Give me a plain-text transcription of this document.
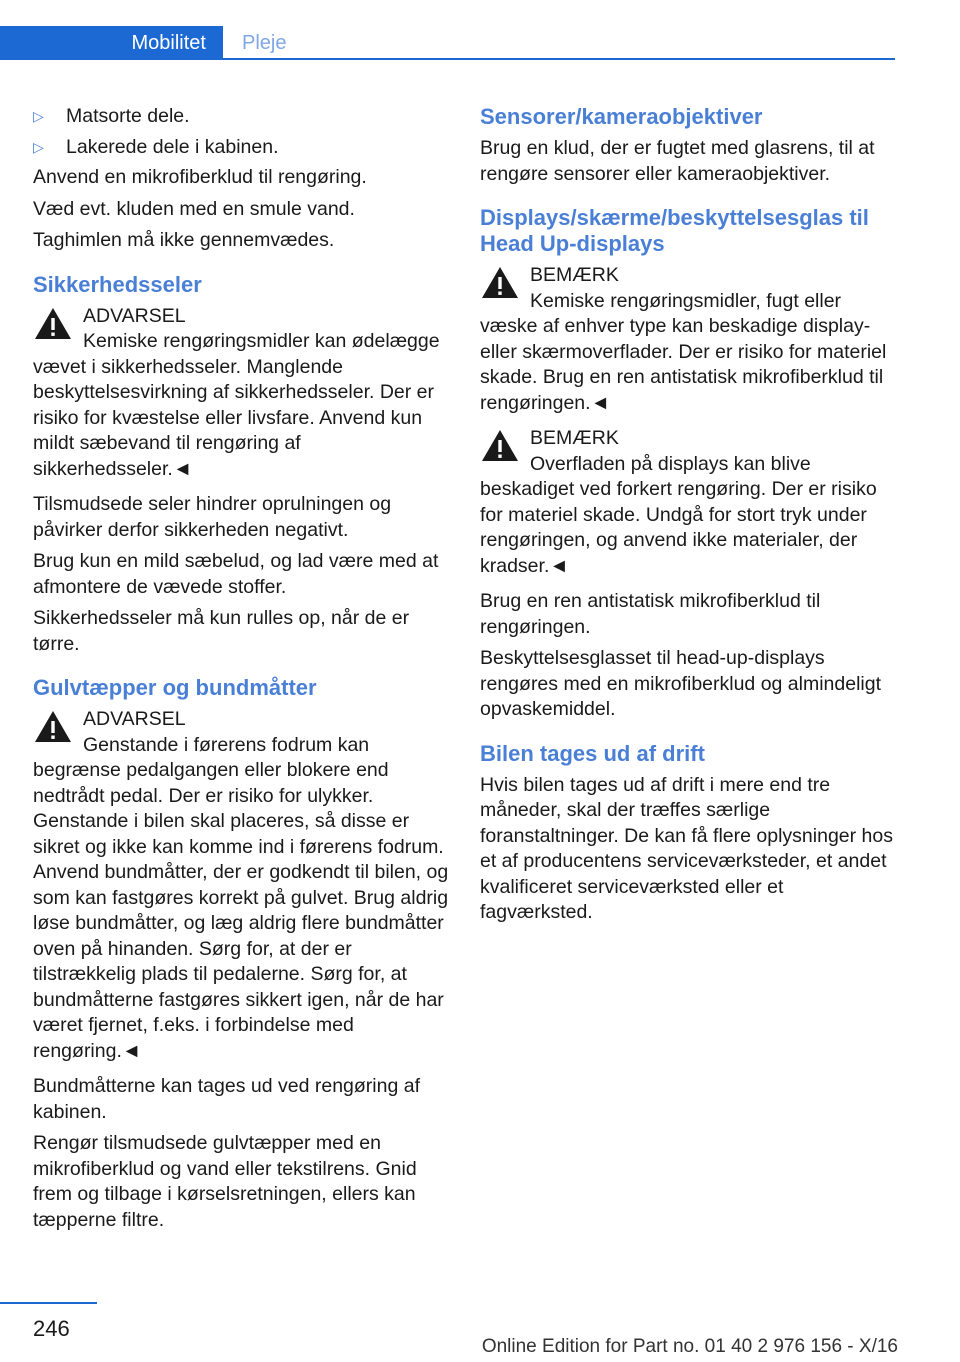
Mobilitet	Pleje
▷ Matsorte dele.
▷ Lakerede dele i kabinen.

Anvend en mikrofiberklud til rengøring.

Væd evt. kluden med en smule vand.

Taghimlen må ikke gennemvædes.

Sikkerhedsseler
ADVARSEL
Kemiske rengøringsmidler kan ødelægge vævet i sikkerhedsseler. Manglende beskyttelsesvirkning af sikkerhedsseler. Der er risiko for kvæstelse eller livsfare. Anvend kun mildt sæbevand til rengøring af sikkerhedsseler.◄

Tilsmudsede seler hindrer oprulningen og påvirker derfor sikkerheden negativt.

Brug kun en mild sæbelud, og lad være med at afmontere de vævede stoffer.

Sikkerhedsseler må kun rulles op, når de er tørre.

Gulvtæpper og bundmåtter
ADVARSEL
Genstande i førerens fodrum kan begrænse pedalgangen eller blokere end nedtrådt pedal. Der er risiko for ulykker. Genstande i bilen skal placeres, så disse er sikret og ikke kan komme ind i førerens fodrum. Anvend bundmåtter, der er godkendt til bilen, og som kan fastgøres korrekt på gulvet. Brug aldrig løse bundmåtter, og læg aldrig flere bundmåtter oven på hinanden. Sørg for, at der er tilstrækkelig plads til pedalerne. Sørg for, at bundmåtterne fastgøres sikkert igen, når de har været fjernet, f.eks. i forbindelse med rengøring.◄

Bundmåtterne kan tages ud ved rengøring af kabinen.

Rengør tilsmudsede gulvtæpper med en mikrofiberklud og vand eller tekstilrens. Gnid frem og tilbage i kørselsretningen, ellers kan tæpperne filtre.

Sensorer/kameraobjektiver

Brug en klud, der er fugtet med glasrens, til at rengøre sensorer eller kameraobjektiver.

Displays/skærme/beskyttelsesglas til Head Up-displays
BEMÆRK
Kemiske rengøringsmidler, fugt eller væske af enhver type kan beskadige display- eller skærmoverflader. Der er risiko for materiel skade. Brug en ren antistatisk mikrofiberklud til rengøringen.◄
BEMÆRK
Overfladen på displays kan blive beskadiget ved forkert rengøring. Der er risiko for materiel skade. Undgå for stort tryk under rengøringen, og anvend ikke materialer, der kradser.◄

Brug en ren antistatisk mikrofiberklud til rengøringen.

Beskyttelsesglasset til head-up-displays rengøres med en mikrofiberklud og almindeligt opvaskemiddel.

Bilen tages ud af drift

Hvis bilen tages ud af drift i mere end tre måneder, skal der træffes særlige foranstaltninger. De kan få flere oplysninger hos et af producentens serviceværksteder, et andet kvalificeret serviceværksted eller et fagværksted.

246
Online Edition for Part no. 01 40 2 976 156 - X/16
